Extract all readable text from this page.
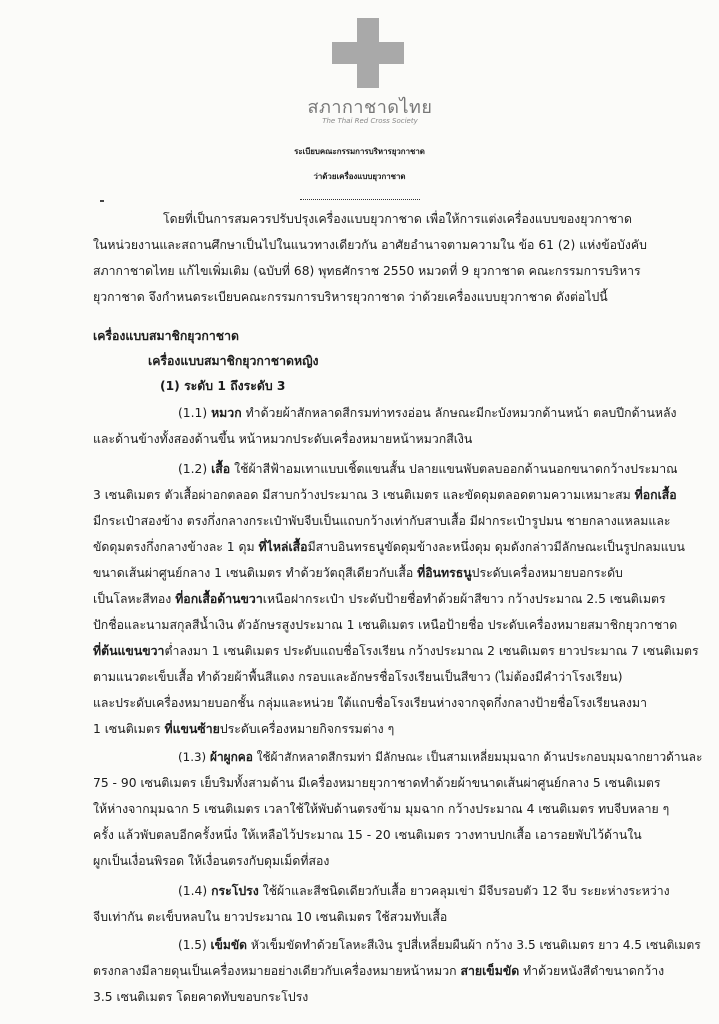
สภากาชาดไทย
The Thai Red Cross Society
ระเบียบคณะกรรมการบริหารยุวกาชาด
ว่าด้วยเครื่องแบบยุวกาชาด
โดยที่เป็นการสมควรปรับปรุงเครื่องแบบยุวกาชาด เพื่อให้การแต่งเครื่องแบบของยุวกาชาด
ในหน่วยงานและสถานศึกษาเป็นไปในแนวทางเดียวกัน อาศัยอำนาจตามความใน ข้อ 61 (2) แห่งข้อบังคับ
สภากาชาดไทย แก้ไขเพิ่มเติม (ฉบับที่ 68) พุทธศักราช 2550 หมวดที่ 9 ยุวกาชาด คณะกรรมการบริหาร
ยุวกาชาด จึงกำหนดระเบียบคณะกรรมการบริหารยุวกาชาด ว่าด้วยเครื่องแบบยุวกาชาด ดังต่อไปนี้
เครื่องแบบสมาชิกยุวกาชาด
เครื่องแบบสมาชิกยุวกาชาดหญิง
(1) ระดับ 1 ถึงระดับ 3
(1.1) หมวก ทำด้วยผ้าสักหลาดสีกรมท่าทรงอ่อน ลักษณะมีกะบังหมวกด้านหน้า ตลบปีกด้านหลัง
และด้านข้างทั้งสองด้านขึ้น หน้าหมวกประดับเครื่องหมายหน้าหมวกสีเงิน
(1.2) เสื้อ ใช้ผ้าสีฟ้าอมเทาแบบเชิ้ตแขนสั้น ปลายแขนพับตลบออกด้านนอกขนาดกว้างประมาณ
3 เซนติเมตร ตัวเสื้อผ่าอกตลอด มีสาบกว้างประมาณ 3 เซนติเมตร และขัดดุมตลอดตามความเหมาะสม ที่อกเสื้อ
มีกระเป๋าสองข้าง ตรงกึ่งกลางกระเป๋าพับจีบเป็นแถบกว้างเท่ากับสาบเสื้อ มีฝากระเป๋ารูปมน ชายกลางแหลมและ
ขัดดุมตรงกึ่งกลางข้างละ 1 ดุม ที่ไหล่เสื้อมีสาบอินทรธนูขัดดุมข้างละหนึ่งดุม ดุมดังกล่าวมีลักษณะเป็นรูปกลมแบน
ขนาดเส้นผ่าศูนย์กลาง 1 เซนติเมตร ทำด้วยวัตถุสีเดียวกับเสื้อ ที่อินทรธนูประดับเครื่องหมายบอกระดับ
เป็นโลหะสีทอง ที่อกเสื้อด้านขวาเหนือฝากระเป๋า ประดับป้ายชื่อทำด้วยผ้าสีขาว กว้างประมาณ 2.5 เซนติเมตร
ปักชื่อและนามสกุลสีน้ำเงิน ตัวอักษรสูงประมาณ 1 เซนติเมตร เหนือป้ายชื่อ ประดับเครื่องหมายสมาชิกยุวกาชาด
ที่ต้นแขนขวาต่ำลงมา 1 เซนติเมตร ประดับแถบชื่อโรงเรียน กว้างประมาณ 2 เซนติเมตร ยาวประมาณ 7 เซนติเมตร
ตามแนวตะเข็บเสื้อ ทำด้วยผ้าพื้นสีแดง กรอบและอักษรชื่อโรงเรียนเป็นสีขาว (ไม่ต้องมีคำว่าโรงเรียน)
และประดับเครื่องหมายบอกชั้น กลุ่มและหน่วย ใต้แถบชื่อโรงเรียนห่างจากจุดกึ่งกลางป้ายชื่อโรงเรียนลงมา
1 เซนติเมตร ที่แขนซ้ายประดับเครื่องหมายกิจกรรมต่าง ๆ
(1.3) ผ้าผูกคอ ใช้ผ้าสักหลาดสีกรมท่า มีลักษณะ เป็นสามเหลี่ยมมุมฉาก ด้านประกอบมุมฉากยาวด้านละ
75 - 90 เซนติเมตร เย็บริมทั้งสามด้าน มีเครื่องหมายยุวกาชาดทำด้วยผ้าขนาดเส้นผ่าศูนย์กลาง 5 เซนติเมตร
ให้ห่างจากมุมฉาก 5 เซนติเมตร เวลาใช้ให้พับด้านตรงข้าม มุมฉาก กว้างประมาณ 4 เซนติเมตร ทบจีบหลาย ๆ
ครั้ง แล้วพับตลบอีกครั้งหนึ่ง ให้เหลือไว้ประมาณ 15 - 20 เซนติเมตร วางทาบปกเสื้อ เอารอยพับไว้ด้านใน
ผูกเป็นเงื่อนพิรอด ให้เงื่อนตรงกับดุมเม็ดที่สอง
(1.4) กระโปรง ใช้ผ้าและสีชนิดเดียวกับเสื้อ ยาวคลุมเข่า มีจีบรอบตัว 12 จีบ ระยะห่างระหว่าง
จีบเท่ากัน ตะเข็บหลบใน ยาวประมาณ 10 เซนติเมตร ใช้สวมทับเสื้อ
(1.5) เข็มขัด หัวเข็มขัดทำด้วยโลหะสีเงิน รูปสี่เหลี่ยมผืนผ้า กว้าง 3.5 เซนติเมตร ยาว 4.5 เซนติเมตร
ตรงกลางมีลายดุนเป็นเครื่องหมายอย่างเดียวกับเครื่องหมายหน้าหมวก สายเข็มขัด ทำด้วยหนังสีดำขนาดกว้าง
3.5 เซนติเมตร โดยคาดทับขอบกระโปรง
